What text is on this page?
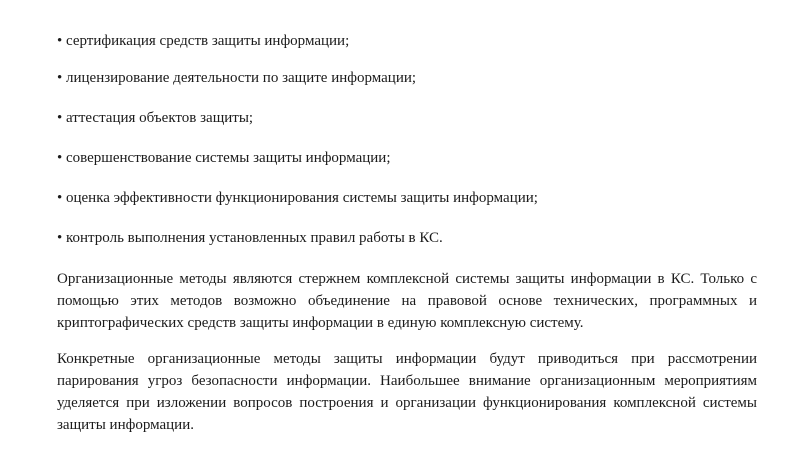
• сертификация средств защиты информации;
• лицензирование деятельности по защите информации;
• аттестация объектов защиты;
• совершенствование системы защиты информации;
• оценка эффективности функционирования системы защиты информации;
• контроль выполнения установленных правил работы в КС.

Организационные методы являются стержнем комплексной системы защиты информации в КС. Только с помощью этих методов возможно объединение на правовой основе технических, программных и криптографических средств защиты информации в единую комплексную систему.

Конкретные организационные методы защиты информации будут приводиться при рассмотрении парирования угроз безопасности информации. Наибольшее внимание организационным мероприятиям уделяется при изложении вопросов построения и организации функционирования комплексной системы защиты информации.
